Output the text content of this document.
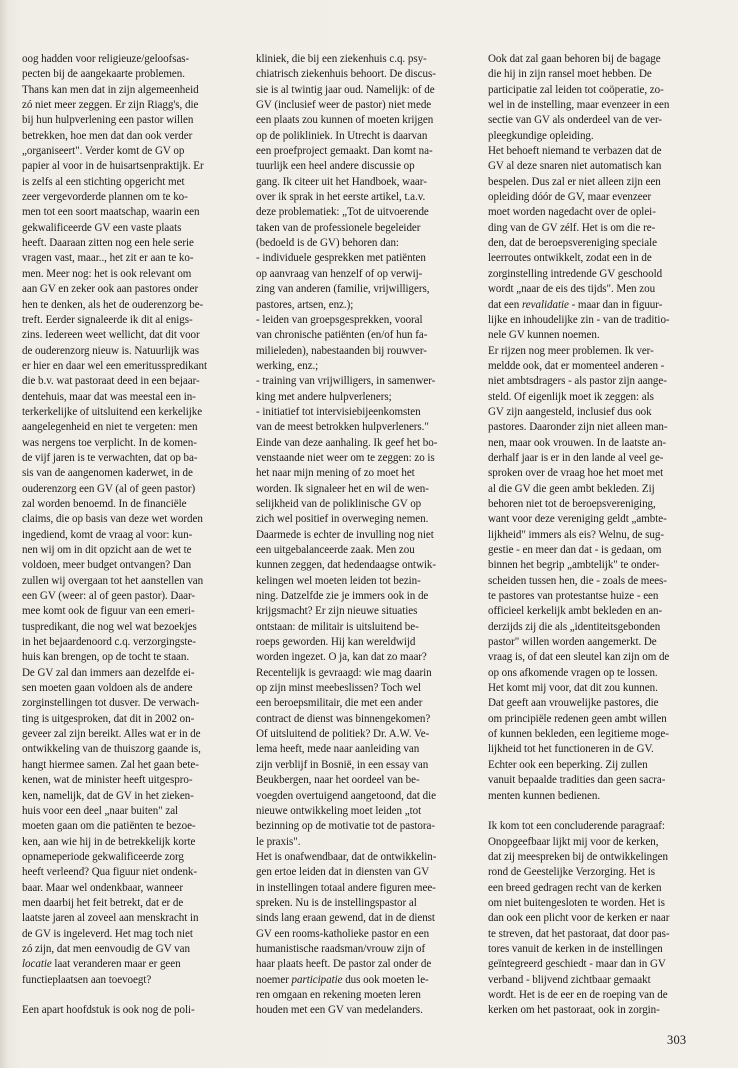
oog hadden voor religieuze/geloofsas-
pecten bij de aangekaarte problemen.
Thans kan men dat in zijn algemeenheid
zó niet meer zeggen. Er zijn Riagg's, die
bij hun hulpverlening een pastor willen
betrekken, hoe men dat dan ook verder
„organiseert". Verder komt de GV op
papier al voor in de huisartsenpraktijk. Er
is zelfs al een stichting opgericht met
zeer vergevorderde plannen om te ko-
men tot een soort maatschap, waarin een
gekwalificeerde GV een vaste plaats
heeft. Daaraan zitten nog een hele serie
vragen vast, maar.., het zit er aan te ko-
men. Meer nog: het is ook relevant om
aan GV en zeker ook aan pastores onder
hen te denken, als het de ouderenzorg be-
treft. Eerder signaleerde ik dit al enigs-
zins. Iedereen weet wellicht, dat dit voor
de ouderenzorg nieuw is. Natuurlijk was
er hier en daar wel een emeritusspredikant
die b.v. wat pastoraat deed in een bejaar-
dentehuis, maar dat was meestal een in-
terkerkelijke of uitsluitend een kerkelijke
aangelegenheid en niet te vergeten: men
was nergens toe verplicht. In de komen-
de vijf jaren is te verwachten, dat op ba-
sis van de aangenomen kaderwet, in de
ouderenzorg een GV (al of geen pastor)
zal worden benoemd. In de financiële
claims, die op basis van deze wet worden
ingediend, komt de vraag al voor: kun-
nen wij om in dit opzicht aan de wet te
voldoen, meer budget ontvangen? Dan
zullen wij overgaan tot het aanstellen van
een GV (weer: al of geen pastor). Daar-
mee komt ook de figuur van een emeri-
tuspredikant, die nog wel wat bezoekjes
in het bejaardenoord c.q. verzorgingste-
huis kan brengen, op de tocht te staan.
De GV zal dan immers aan dezelfde ei-
sen moeten gaan voldoen als de andere
zorginstellingen tot dusver. De verwach-
ting is uitgesproken, dat dit in 2002 on-
geveer zal zijn bereikt. Alles wat er in de
ontwikkeling van de thuiszorg gaande is,
hangt hiermee samen. Zal het gaan bete-
kenen, wat de minister heeft uitgespro-
ken, namelijk, dat de GV in het zieken-
huis voor een deel „naar buiten" zal
moeten gaan om die patiënten te bezoe-
ken, aan wie hij in de betrekkelijk korte
opnameperiode gekwalificeerde zorg
heeft verleend? Qua figuur niet ondenk-
baar. Maar wel ondenkbaar, wanneer
men daarbij het feit betrekt, dat er de
laatste jaren al zoveel aan menskracht in
de GV is ingeleverd. Het mag toch niet
zó zijn, dat men eenvoudig de GV van
locatie laat veranderen maar er geen
functieplaatsen aan toevoegt?
Een apart hoofdstuk is ook nog de poli-
kliniek, die bij een ziekenhuis c.q. psy-
chiatrisch ziekenhuis behoort. De discus-
sie is al twintig jaar oud. Namelijk: of de
GV (inclusief weer de pastor) niet mede
een plaats zou kunnen of moeten krijgen
op de polikliniek. In Utrecht is daarvan
een proefproject gemaakt. Dan komt na-
tuurlijk een heel andere discussie op
gang. Ik citeer uit het Handboek, waar-
over ik sprak in het eerste artikel, t.a.v.
deze problematiek: „Tot de uitvoerende
taken van de professionele begeleider
(bedoeld is de GV) behoren dan:
- individuele gesprekken met patiënten
op aanvraag van henzelf of op verwij-
zing van anderen (familie, vrijwilligers,
pastores, artsen, enz.);
- leiden van groepsgesprekken, vooral
van chronische patiënten (en/of hun fa-
milieleden), nabestaanden bij rouwver-
werking, enz.;
- training van vrijwilligers, in samenwer-
king met andere hulpverleners;
- initiatief tot intervisiebijeenkomsten
van de meest betrokken hulpverleners."
Einde van deze aanhaling. Ik geef het bo-
venstaande niet weer om te zeggen: zo is
het naar mijn mening of zo moet het
worden. Ik signaleer het en wil de wen-
selijkheid van de poliklinische GV op
zich wel positief in overweging nemen.
Daarmede is echter de invulling nog niet
een uitgebalanceerde zaak. Men zou
kunnen zeggen, dat hedendaagse ontwik-
kelingen wel moeten leiden tot bezin-
ning. Datzelfde zie je immers ook in de
krijgsmacht? Er zijn nieuwe situaties
ontstaan: de militair is uitsluitend be-
roeps geworden. Hij kan wereldwijd
worden ingezet. O ja, kan dat zo maar?
Recentelijk is gevraagd: wie mag daarin
op zijn minst meebeslissen? Toch wel
een beroepsmilitair, die met een ander
contract de dienst was binnengekomen?
Of uitsluitend de politiek? Dr. A.W. Ve-
lema heeft, mede naar aanleiding van
zijn verblijf in Bosnië, in een essay van
Beukbergen, naar het oordeel van be-
voegden overtuigend aangetoond, dat die
nieuwe ontwikkeling moet leiden „tot
bezinning op de motivatie tot de pastora-
le praxis".
Het is onafwendbaar, dat de ontwikkelin-
gen ertoe leiden dat in diensten van GV
in instellingen totaal andere figuren mee-
spreken. Nu is de instellingspastor al
sinds lang eraan gewend, dat in de dienst
GV een rooms-katholieke pastor en een
humanistische raadsman/vrouw zijn of
haar plaats heeft. De pastor zal onder de
noemer participatie dus ook moeten le-
ren omgaan en rekening moeten leren
houden met een GV van medelanders.
Ook dat zal gaan behoren bij de bagage
die hij in zijn ransel moet hebben. De
participatie zal leiden tot coöperatie, zo-
wel in de instelling, maar evenzeer in een
sectie van GV als onderdeel van de ver-
pleegkundige opleiding.
Het behoeft niemand te verbazen dat de
GV al deze snaren niet automatisch kan
bespelen. Dus zal er niet alleen zijn een
opleiding dóór de GV, maar evenzeer
moet worden nagedacht over de oplei-
ding van de GV zélf. Het is om die re-
den, dat de beroepsvereniging speciale
leerroutes ontwikkelt, zodat een in de
zorginstelling intredende GV geschoold
wordt „naar de eis des tijds". Men zou
dat een revalidatie - maar dan in figuur-
lijke en inhoudelijke zin - van de traditio-
nele GV kunnen noemen.
Er rijzen nog meer problemen. Ik ver-
meldde ook, dat er momenteel anderen -
niet ambtsdragers - als pastor zijn aange-
steld. Of eigenlijk moet ik zeggen: als
GV zijn aangesteld, inclusief dus ook
pastores. Daaronder zijn niet alleen man-
nen, maar ook vrouwen. In de laatste an-
derhalf jaar is er in den lande al veel ge-
sproken over de vraag hoe het moet met
al die GV die geen ambt bekleden. Zij
behoren niet tot de beroepsvereniging,
want voor deze vereniging geldt „ambte-
lijkheid" immers als eis? Welnu, de sug-
gestie - en meer dan dat - is gedaan, om
binnen het begrip „ambtelijk" te onder-
scheiden tussen hen, die - zoals de mees-
te pastores van protestantse huize - een
officieel kerkelijk ambt bekleden en an-
derzijds zij die als „identiteitsgebonden
pastor" willen worden aangemerkt. De
vraag is, of dat een sleutel kan zijn om de
op ons afkomende vragen op te lossen.
Het komt mij voor, dat dit zou kunnen.
Dat geeft aan vrouwelijke pastores, die
om principiële redenen geen ambt willen
of kunnen bekleden, een legitieme moge-
lijkheid tot het functioneren in de GV.
Echter ook een beperking. Zij zullen
vanuit bepaalde tradities dan geen sacra-
menten kunnen bedienen.
Ik kom tot een concluderende paragraaf:
Onopgeefbaar lijkt mij voor de kerken,
dat zij meespreken bij de ontwikkelingen
rond de Geestelijke Verzorging. Het is
een breed gedragen recht van de kerken
om niet buitengesloten te worden. Het is
dan ook een plicht voor de kerken er naar
te streven, dat het pastoraat, dat door pas-
tores vanuit de kerken in de instellingen
geïntegreerd geschiedt - maar dan in GV
verband - blijvend zichtbaar gemaakt
wordt. Het is de eer en de roeping van de
kerken om het pastoraat, ook in zorgin-
303
